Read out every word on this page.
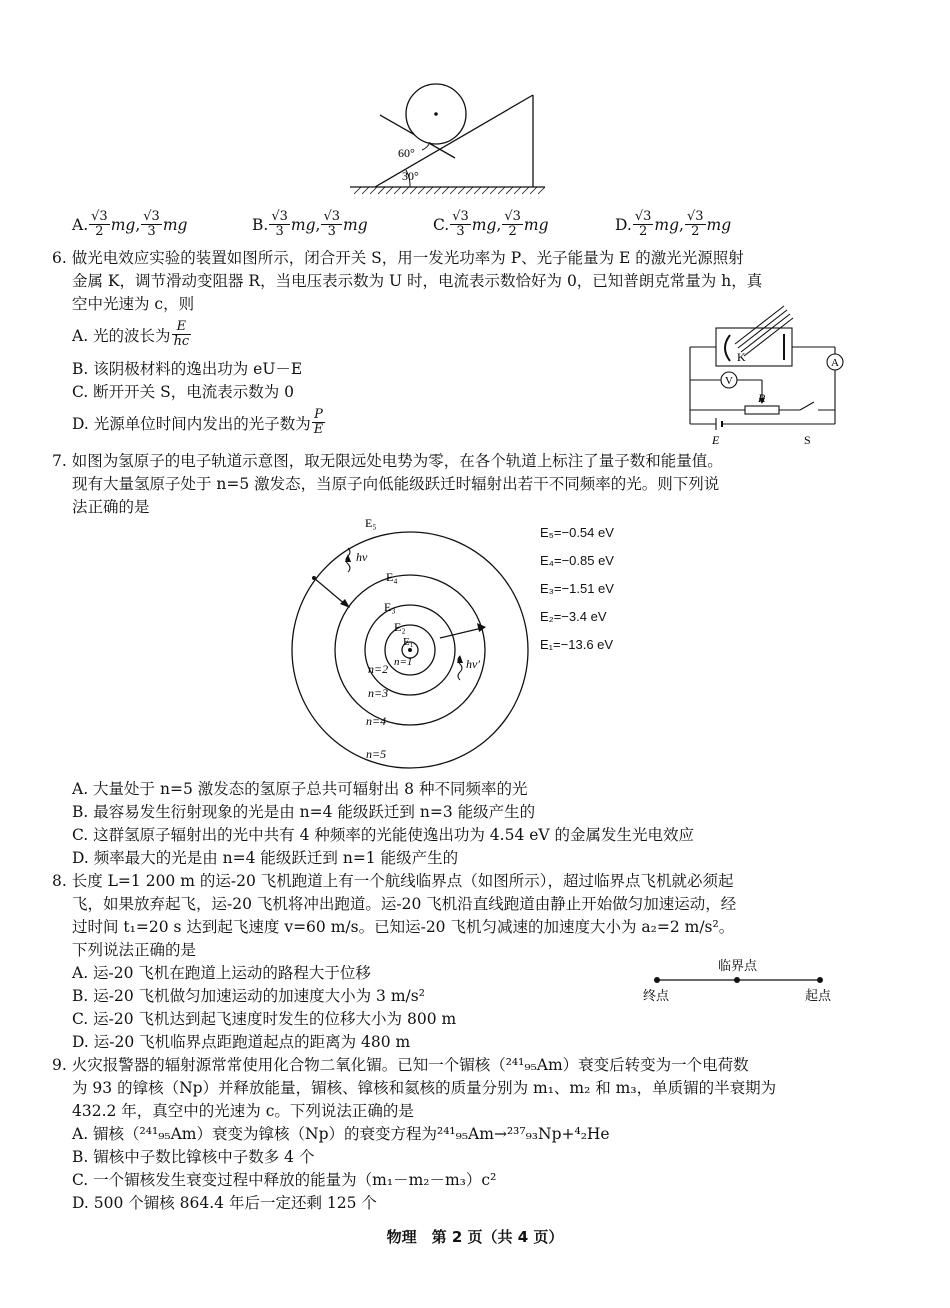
60°
30°
A. $\frac{√3}{2}$ mg , $\frac{√3}{3}$ mg	B. $\frac{√3}{3}$ mg , $\frac{√3}{3}$ mg	C. $\frac{√3}{3}$ mg , $\frac{√3}{2}$ mg	D. $\frac{√3}{2}$ mg , $\frac{√3}{2}$ mg
6. 做光电效应实验的装置如图所示，闭合开关 S，用一发光功率为 P、光子能量为 E 的激光光源照射
金属 K，调节滑动变阻器 R，当电压表示数为 U 时，电流表示数恰好为 0，已知普朗克常量为 h，真
空中光速为 c，则
A. 光的波长为 $\frac{E}{hc}$
B. 该阴极材料的逸出功为 eU－E
C. 断开开关 S，电流表示数为 0
D. 光源单位时间内发出的光子数为 $\frac{P}{E}$
K	A
V
R
E	S
7. 如图为氢原子的电子轨道示意图，取无限远处电势为零，在各个轨道上标注了量子数和能量值。
现有大量氢原子处于 n=5 激发态，当原子向低能级跃迁时辐射出若干不同频率的光。则下列说
法正确的是
E₅
E₄
E₃
E₂
E₁
n=1
n=2
n=3
n=4
n=5
hv
hv′
E₅=−0.54 eV
E₄=−0.85 eV
E₃=−1.51 eV
E₂=−3.4 eV
E₁=−13.6 eV
A. 大量处于 n=5 激发态的氢原子总共可辐射出 8 种不同频率的光
B. 最容易发生衍射现象的光是由 n=4 能级跃迁到 n=3 能级产生的
C. 这群氢原子辐射出的光中共有 4 种频率的光能使逸出功为 4.54 eV 的金属发生光电效应
D. 频率最大的光是由 n=4 能级跃迁到 n=1 能级产生的
8. 长度 L=1 200 m 的运-20 飞机跑道上有一个航线临界点（如图所示），超过临界点飞机就必须起
飞，如果放弃起飞，运-20 飞机将冲出跑道。运-20 飞机沿直线跑道由静止开始做匀加速运动，经
过时间 t₁=20 s 达到起飞速度 v=60 m/s。已知运-20 飞机匀减速的加速度大小为 a₂=2 m/s²。
下列说法正确的是
A. 运-20 飞机在跑道上运动的路程大于位移
B. 运-20 飞机做匀加速运动的加速度大小为 3 m/s²
C. 运-20 飞机达到起飞速度时发生的位移大小为 800 m
D. 运-20 飞机临界点距跑道起点的距离为 480 m
临界点
终点	起点
9. 火灾报警器的辐射源常常使用化合物二氧化镅。已知一个镅核（²⁴¹₉₅Am）衰变后转变为一个电荷数
为 93 的镎核（Np）并释放能量，镅核、镎核和氦核的质量分别为 m₁、m₂ 和 m₃，单质镅的半衰期为
432.2 年，真空中的光速为 c。下列说法正确的是
A. 镅核（²⁴¹₉₅Am）衰变为镎核（Np）的衰变方程为²⁴¹₉₅Am→²³⁷₉₃Np+⁴₂He
B. 镅核中子数比镎核中子数多 4 个
C. 一个镅核发生衰变过程中释放的能量为（m₁－m₂－m₃）c²
D. 500 个镅核 864.4 年后一定还剩 125 个
物理　第 2 页（共 4 页）
